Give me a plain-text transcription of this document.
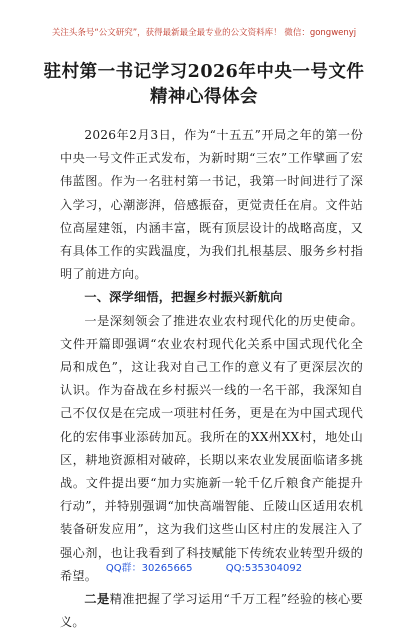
关注头条号“公文研究”，获得最新最全最专业的公文资料库！ 微信：gongwenyj
驻村第一书记学习2026年中央一号文件
精神心得体会

2026年2月3日，作为“十五五”开局之年的第一份中央一号文件正式发布，为新时期“三农”工作擘画了宏伟蓝图。作为一名驻村第一书记，我第一时间进行了深入学习，心潮澎湃，倍感振奋，更觉责任在肩。文件站位高屋建瓴，内涵丰富，既有顶层设计的战略高度，又有具体工作的实践温度，为我们扎根基层、服务乡村指明了前进方向。

一、深学细悟，把握乡村振兴新航向

一是深刻领会了推进农业农村现代化的历史使命。文件开篇即强调“农业农村现代化关系中国式现代化全局和成色”，这让我对自己工作的意义有了更深层次的认识。作为奋战在乡村振兴一线的一名干部，我深知自己不仅仅是在完成一项驻村任务，更是在为中国式现代化的宏伟事业添砖加瓦。我所在的XX州XX村，地处山区，耕地资源相对破碎，长期以来农业发展面临诸多挑战。文件提出要“加力实施新一轮千亿斤粮食产能提升行动”，并特别强调“加快高端智能、丘陵山区适用农机装备研发应用”，这为我们这些山区村庄的发展注入了强心剂，也让我看到了科技赋能下传统农业转型升级的希望。

二是精准把握了学习运用“千万工程”经验的核心要义。

QQ群：30265665	QQ:535304092
